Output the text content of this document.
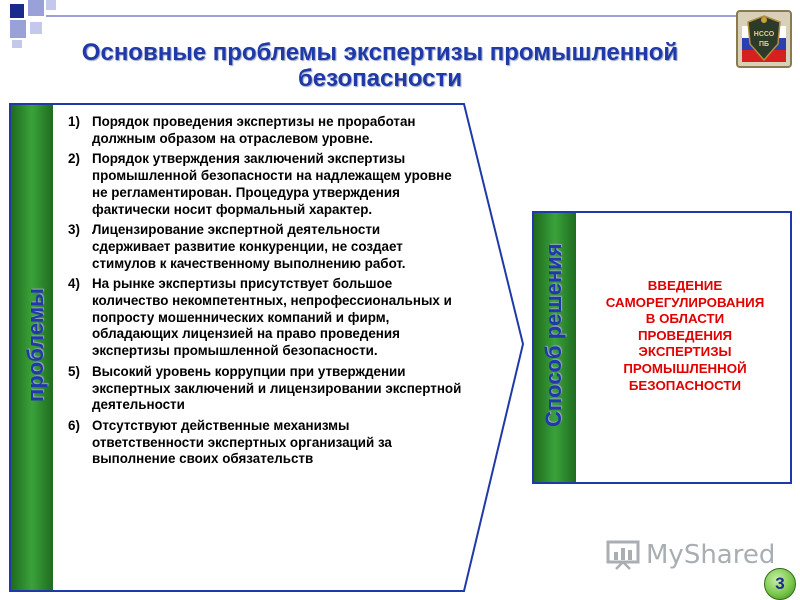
НССО
ПБ
Основные проблемы экспертизы промышленной
безопасности
проблемы	Способ решения
1) Порядок проведения экспертизы не проработан должным образом на отраслевом уровне.
2) Порядок утверждения заключений экспертизы промышленной безопасности на надлежащем уровне не регламентирован. Процедура утверждения фактически носит формальный характер.
3) Лицензирование экспертной деятельности сдерживает развитие конкуренции, не создает стимулов к качественному выполнению работ.
4) На рынке экспертизы присутствует большое количество некомпетентных, непрофессиональных и попросту мошеннических компаний и фирм, обладающих лицензией на право проведения экспертизы промышленной безопасности.
5) Высокий уровень коррупции при утверждении экспертных заключений и лицензировании экспертной деятельности
6) Отсутствуют действенные механизмы ответственности экспертных организаций за выполнение своих обязательств
ВВЕДЕНИЕ
САМОРЕГУЛИРОВАНИЯ
В ОБЛАСТИ
ПРОВЕДЕНИЯ
ЭКСПЕРТИЗЫ
ПРОМЫШЛЕННОЙ
БЕЗОПАСНОСТИ
MyShared
3
